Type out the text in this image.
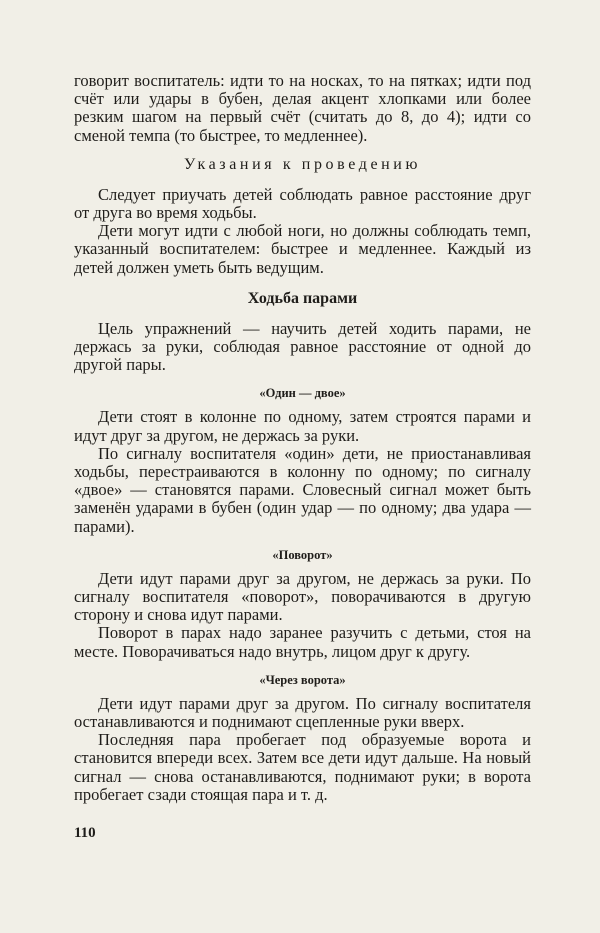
говорит воспитатель: идти то на носках, то на пятках; идти под счёт или удары в бубен, делая акцент хлопками или более резким шагом на первый счёт (считать до 8, до 4); идти со сменой темпа (то быстрее, то медленнее).

Указания к проведению

Следует приучать детей соблюдать равное расстояние друг от друга во время ходьбы.

Дети могут идти с любой ноги, но должны соблюдать темп, указанный воспитателем: быстрее и медленнее. Каждый из детей должен уметь быть ведущим.

Ходьба парами

Цель упражнений — научить детей ходить парами, не держась за руки, соблюдая равное расстояние от одной до другой пары.

«Один — двое»

Дети стоят в колонне по одному, затем строятся парами и идут друг за другом, не держась за руки.

По сигналу воспитателя «один» дети, не приостанавливая ходьбы, перестраиваются в колонну по одному; по сигналу «двое» — становятся парами. Словесный сигнал может быть заменён ударами в бубен (один удар — по одному; два удара — парами).

«Поворот»

Дети идут парами друг за другом, не держась за руки. По сигналу воспитателя «поворот», поворачиваются в другую сторону и снова идут парами.

Поворот в парах надо заранее разучить с детьми, стоя на месте. Поворачиваться надо внутрь, лицом друг к другу.

«Через ворота»

Дети идут парами друг за другом. По сигналу воспитателя останавливаются и поднимают сцепленные руки вверх.

Последняя пара пробегает под образуемые ворота и становится впереди всех. Затем все дети идут дальше. На новый сигнал — снова останавливаются, поднимают руки; в ворота пробегает сзади стоящая пара и т. д.

110
